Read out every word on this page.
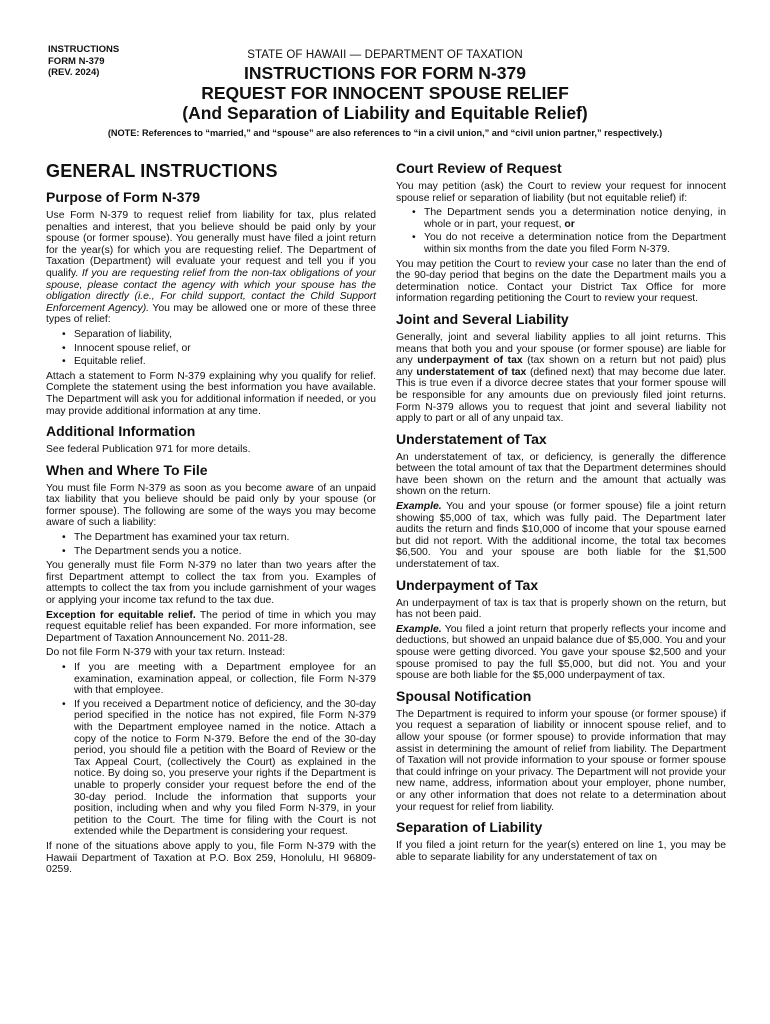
INSTRUCTIONS
FORM N-379
(REV. 2024)
STATE OF HAWAII — DEPARTMENT OF TAXATION
INSTRUCTIONS FOR FORM N-379
REQUEST FOR INNOCENT SPOUSE RELIEF
(And Separation of Liability and Equitable Relief)
(NOTE: References to “married,” and “spouse” are also references to “in a civil union,” and “civil union partner,” respectively.)
GENERAL INSTRUCTIONS
Purpose of Form N-379

Use Form N-379 to request relief from liability for tax, plus related penalties and interest, that you believe should be paid only by your spouse (or former spouse). You generally must have filed a joint return for the year(s) for which you are requesting relief. The Department of Taxation (Department) will evaluate your request and tell you if you qualify. If you are requesting relief from the non-tax obligations of your spouse, please contact the agency with which your spouse has the obligation directly (i.e., For child support, contact the Child Support Enforcement Agency). You may be allowed one or more of these three types of relief:

• Separation of liability,
• Innocent spouse relief, or
• Equitable relief.

Attach a statement to Form N-379 explaining why you qualify for relief. Complete the statement using the best information you have available. The Department will ask you for additional information if needed, or you may provide additional information at any time.

Additional Information

See federal Publication 971 for more details.

When and Where To File

You must file Form N-379 as soon as you become aware of an unpaid tax liability that you believe should be paid only by your spouse (or former spouse). The following are some of the ways you may become aware of such a liability:

• The Department has examined your tax return.
• The Department sends you a notice.

You generally must file Form N-379 no later than two years after the first Department attempt to collect the tax from you. Examples of attempts to collect the tax from you include garnishment of your wages or applying your income tax refund to the tax due.

Exception for equitable relief. The period of time in which you may request equitable relief has been expanded. For more information, see Department of Taxation Announcement No. 2011-28.

Do not file Form N-379 with your tax return. Instead:

• If you are meeting with a Department employee for an examination, examination appeal, or collection, file Form N-379 with that employee.
• If you received a Department notice of deficiency, and the 30-day period specified in the notice has not expired, file Form N-379 with the Department employee named in the notice. Attach a copy of the notice to Form N-379. Before the end of the 30-day period, you should file a petition with the Board of Review or the Tax Appeal Court, (collectively the Court) as explained in the notice. By doing so, you preserve your rights if the Department is unable to properly consider your request before the end of the 30-day period. Include the information that supports your position, including when and why you filed Form N-379, in your petition to the Court. The time for filing with the Court is not extended while the Department is considering your request.

If none of the situations above apply to you, file Form N-379 with the Hawaii Department of Taxation at P.O. Box 259, Honolulu, HI 96809-0259.

Court Review of Request

You may petition (ask) the Court to review your request for innocent spouse relief or separation of liability (but not equitable relief) if:

• The Department sends you a determination notice denying, in whole or in part, your request, or
• You do not receive a determination notice from the Department within six months from the date you filed Form N-379.

You may petition the Court to review your case no later than the end of the 90-day period that begins on the date the Department mails you a determination notice. Contact your District Tax Office for more information regarding petitioning the Court to review your request.

Joint and Several Liability

Generally, joint and several liability applies to all joint returns. This means that both you and your spouse (or former spouse) are liable for any underpayment of tax (tax shown on a return but not paid) plus any understatement of tax (defined next) that may become due later. This is true even if a divorce decree states that your former spouse will be responsible for any amounts due on previously filed joint returns. Form N-379 allows you to request that joint and several liability not apply to part or all of any unpaid tax.

Understatement of Tax

An understatement of tax, or deficiency, is generally the difference between the total amount of tax that the Department determines should have been shown on the return and the amount that actually was shown on the return.

Example. You and your spouse (or former spouse) file a joint return showing $5,000 of tax, which was fully paid. The Department later audits the return and finds $10,000 of income that your spouse earned but did not report. With the additional income, the total tax becomes $6,500. You and your spouse are both liable for the $1,500 understatement of tax.

Underpayment of Tax

An underpayment of tax is tax that is properly shown on the return, but has not been paid.

Example. You filed a joint return that properly reflects your income and deductions, but showed an unpaid balance due of $5,000. You and your spouse were getting divorced. You gave your spouse $2,500 and your spouse promised to pay the full $5,000, but did not. You and your spouse are both liable for the $5,000 underpayment of tax.

Spousal Notification

The Department is required to inform your spouse (or former spouse) if you request a separation of liability or innocent spouse relief, and to allow your spouse (or former spouse) to provide information that may assist in determining the amount of relief from liability. The Department of Taxation will not provide information to your spouse or former spouse that could infringe on your privacy. The Department will not provide your new name, address, information about your employer, phone number, or any other information that does not relate to a determination about your request for relief from liability.

Separation of Liability

If you filed a joint return for the year(s) entered on line 1, you may be able to separate liability for any understatement of tax on
